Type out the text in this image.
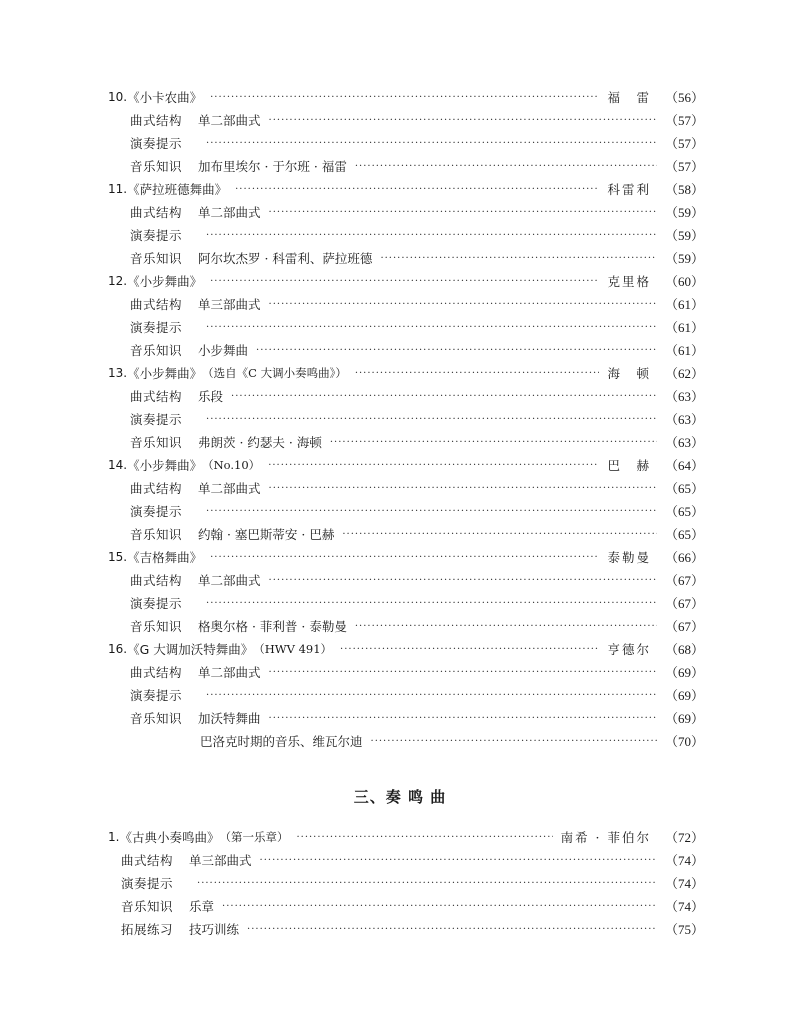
10. 《小卡农曲》 ·····	福　雷 （56）
曲式结构 单二部曲式 ·····	（57）
演奏提示 ·····	（57）
音乐知识 加布里埃尔 · 于尔班 · 福雷 ·····	（57）
11. 《萨拉班德舞曲》 ·····	科雷利 （58）
曲式结构 单二部曲式 ·····	（59）
演奏提示 ·····	（59）
音乐知识 阿尔坎杰罗 · 科雷利、萨拉班德 ·····	（59）
12. 《小步舞曲》 ·····	克里格 （60）
曲式结构 单三部曲式 ·····	（61）
演奏提示 ·····	（61）
音乐知识 小步舞曲 ·····	（61）
13. 《小步舞曲》 （选自《C 大调小奏鸣曲》） ·····	海　顿 （62）
曲式结构 乐段 ·····	（63）
演奏提示 ·····	（63）
音乐知识 弗朗茨 · 约瑟夫 · 海顿 ·····	（63）
14. 《小步舞曲》 （No.10） ·····	巴　赫 （64）
曲式结构 单二部曲式 ·····	（65）
演奏提示 ·····	（65）
音乐知识 约翰 · 塞巴斯蒂安 · 巴赫 ·····	（65）
15. 《吉格舞曲》 ·····	泰勒曼 （66）
曲式结构 单二部曲式 ·····	（67）
演奏提示 ·····	（67）
音乐知识 格奥尔格 · 菲利普 · 泰勒曼 ·····	（67）
16. 《G 大调加沃特舞曲》 （HWV 491） ·····	亨德尔 （68）
曲式结构 单二部曲式 ·····	（69）
演奏提示 ·····	（69）
音乐知识 加沃特舞曲 ·····	（69）
巴洛克时期的音乐、维瓦尔迪 ·····	（70）
三、奏 鸣 曲
1. 《古典小奏鸣曲》 （第一乐章） ·····	南希 · 菲伯尔 （72）
曲式结构 单三部曲式 ·····	（74）
演奏提示 ·····	（74）
音乐知识 乐章 ·····	（74）
拓展练习 技巧训练 ·····	（75）
